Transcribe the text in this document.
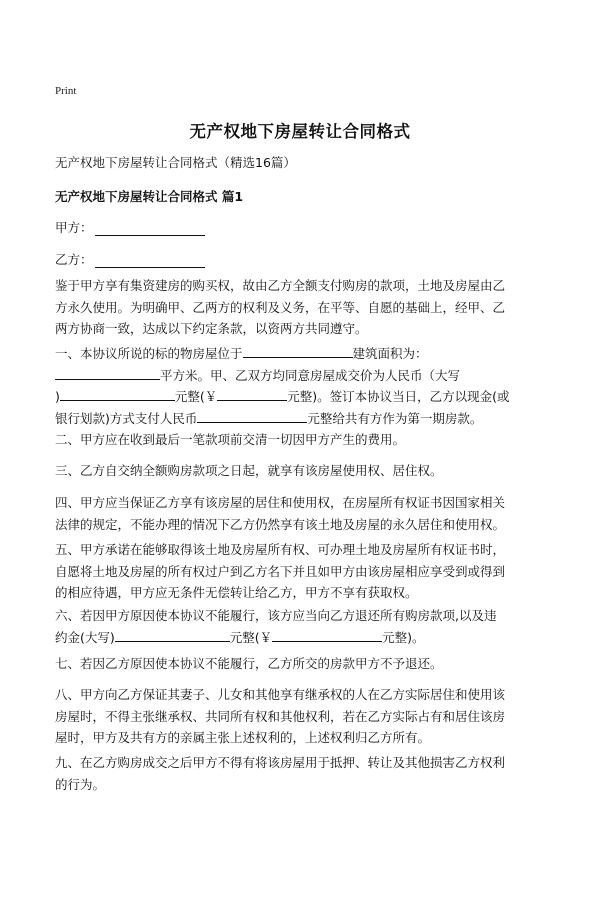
Print
无产权地下房屋转让合同格式
无产权地下房屋转让合同格式（精选16篇）
无产权地下房屋转让合同格式 篇1
甲方：
乙方：
鉴于甲方享有集资建房的购买权，故由乙方全额支付购房的款项，土地及房屋由乙
方永久使用。为明确甲、乙两方的权利及义务，在平等、自愿的基础上，经甲、乙
两方协商一致，达成以下约定条款，以资两方共同遵守。
一、本协议所说的标的物房屋位于	建筑面积为：
平方米。甲、乙双方均同意房屋成交价为人民币（大写
)	元整(￥	元整)。签订本协议当日，乙方以现金(或
银行划款)方式支付人民币	元整给共有方作为第一期房款。
二、甲方应在收到最后一笔款项前交清一切因甲方产生的费用。
三、乙方自交纳全额购房款项之日起，就享有该房屋使用权、居住权。
四、甲方应当保证乙方享有该房屋的居住和使用权，在房屋所有权证书因国家相关
法律的规定，不能办理的情况下乙方仍然享有该土地及房屋的永久居住和使用权。
五、甲方承诺在能够取得该土地及房屋所有权、可办理土地及房屋所有权证书时，
自愿将土地及房屋的所有权过户到乙方名下并且如甲方由该房屋相应享受到或得到
的相应待遇，甲方应无条件无偿转让给乙方，甲方不享有获取权。
六、若因甲方原因使本协议不能履行，该方应当向乙方退还所有购房款项,以及违
约金(大写)	元整(￥	元整)。
七、若因乙方原因使本协议不能履行，乙方所交的房款甲方不予退还。
八、甲方向乙方保证其妻子、儿女和其他享有继承权的人在乙方实际居住和使用该
房屋时，不得主张继承权、共同所有权和其他权利，若在乙方实际占有和居住该房
屋时，甲方及共有方的亲属主张上述权利的，上述权利归乙方所有。
九、在乙方购房成交之后甲方不得有将该房屋用于抵押、转让及其他损害乙方权利
的行为。
